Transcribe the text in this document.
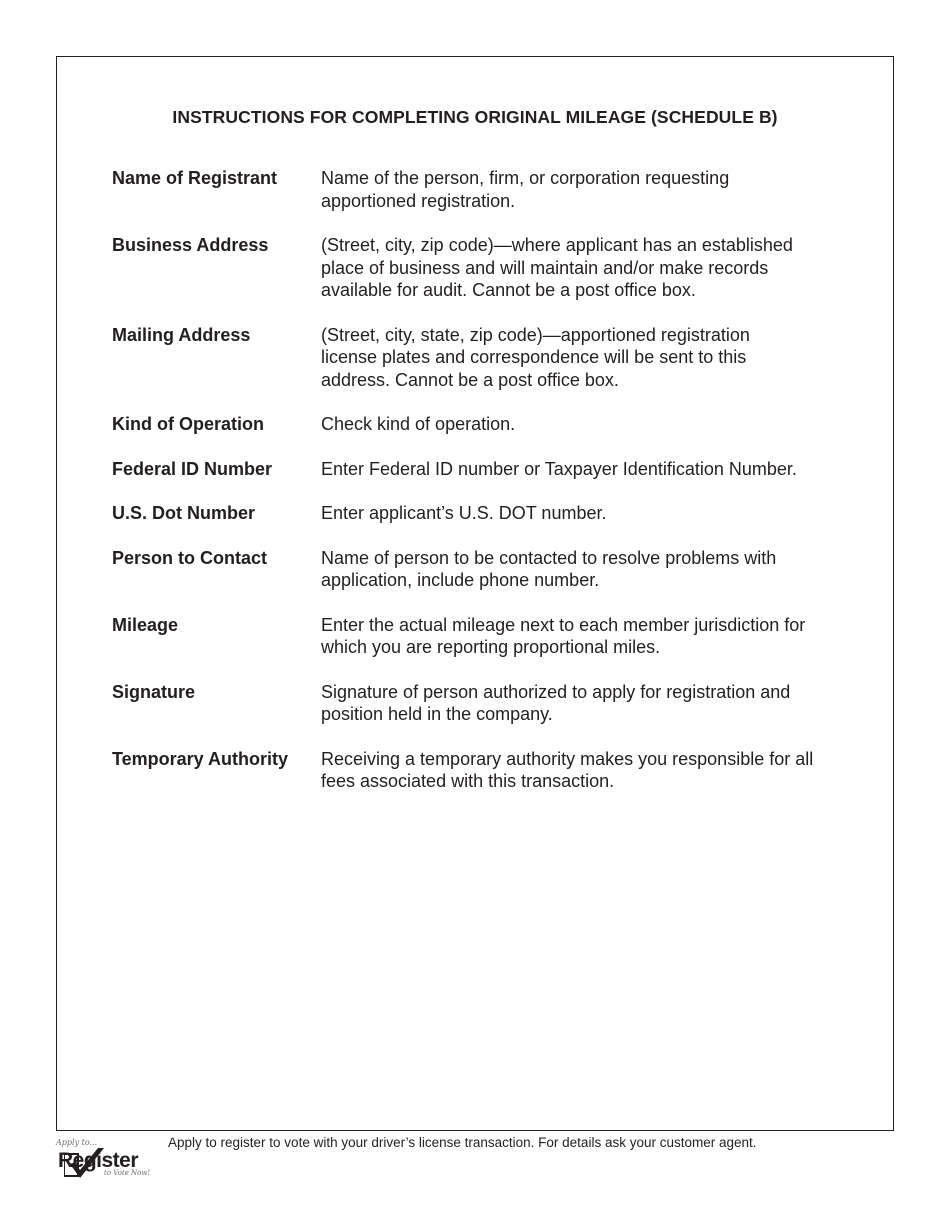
INSTRUCTIONS FOR COMPLETING ORIGINAL MILEAGE (SCHEDULE B)
Name of Registrant	Name of the person, firm, or corporation requesting apportioned registration.
Business Address	(Street, city, zip code)—where applicant has an established place of business and will maintain and/or make records available for audit. Cannot be a post office box.
Mailing Address	(Street, city, state, zip code)—apportioned registration license plates and correspondence will be sent to this address. Cannot be a post office box.
Kind of Operation	Check kind of operation.
Federal ID Number	Enter Federal ID number or Taxpayer Identification Number.
U.S. Dot Number	Enter applicant’s U.S. DOT number.
Person to Contact	Name of person to be contacted to resolve problems with application, include phone number.
Mileage	Enter the actual mileage next to each member jurisdiction for which you are reporting proportional miles.
Signature	Signature of person authorized to apply for registration and position held in the company.
Temporary Authority	Receiving a temporary authority makes you responsible for all fees associated with this transaction.
Apply to...
Register
to Vote Now!
Apply to register to vote with your driver’s license transaction. For details ask your customer agent.
